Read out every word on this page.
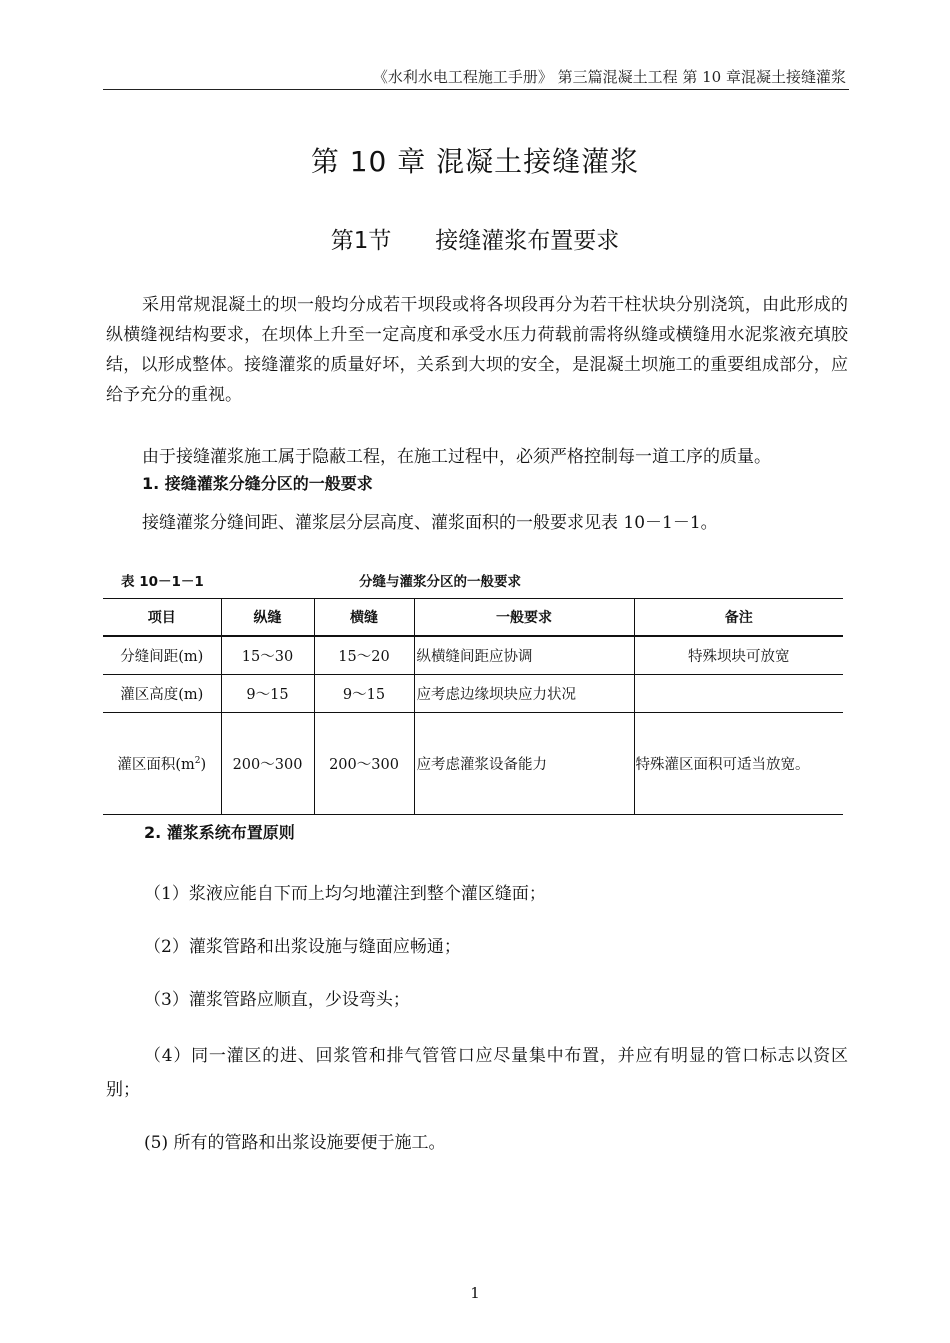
《水利水电工程施工手册》 第三篇混凝土工程 第 10 章混凝土接缝灌浆
第 10 章 混凝土接缝灌浆
第1节      接缝灌浆布置要求

采用常规混凝土的坝一般均分成若干坝段或将各坝段再分为若干柱状块分别浇筑，由此形成的纵横缝视结构要求，在坝体上升至一定高度和承受水压力荷载前需将纵缝或横缝用水泥浆液充填胶结，以形成整体。接缝灌浆的质量好坏，关系到大坝的安全，是混凝土坝施工的重要组成部分，应给予充分的重视。

由于接缝灌浆施工属于隐蔽工程，在施工过程中，必须严格控制每一道工序的质量。

1. 接缝灌浆分缝分区的一般要求
接缝灌浆分缝间距、灌浆层分层高度、灌浆面积的一般要求见表 10－1－1。
表 10－1－1	分缝与灌浆分区的一般要求
项目	纵缝	横缝	一般要求	备注
分缝间距(m)	15～30	15～20	纵横缝间距应协调	特殊坝块可放宽
灌区高度(m)	9～15	9～15	应考虑边缘坝块应力状况	
灌区面积$(m^2)$	200～300	200～300	应考虑灌浆设备能力	特殊灌区面积可适当放宽。
2. 灌浆系统布置原则
（1）浆液应能自下而上均匀地灌注到整个灌区缝面；
（2）灌浆管路和出浆设施与缝面应畅通；
（3）灌浆管路应顺直，少设弯头；
（4）同一灌区的进、回浆管和排气管管口应尽量集中布置，并应有明显的管口标志以资区别；
(5) 所有的管路和出浆设施要便于施工。
1
